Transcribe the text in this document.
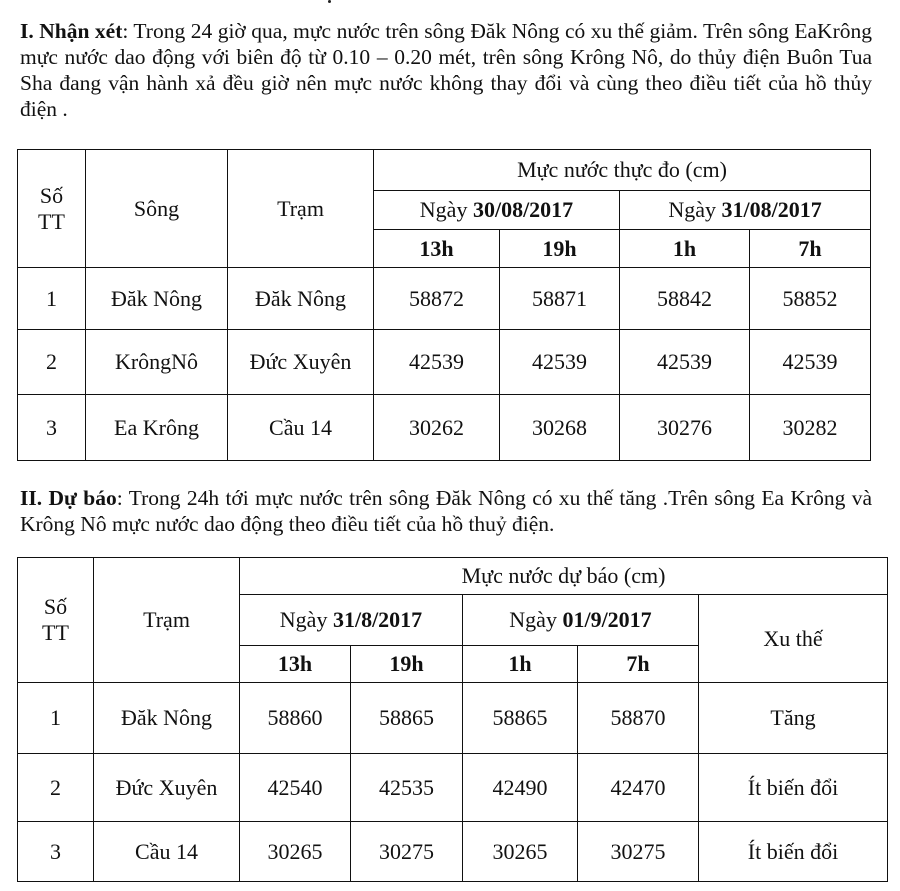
I. Nhận xét: Trong 24 giờ qua, mực nước trên sông Đăk Nông có xu thế giảm. Trên sông EaKrông mực nước dao động với biên độ từ 0.10 – 0.20 mét, trên sông Krông Nô, do thủy điện Buôn Tua Sha đang vận hành xả đều giờ nên mực nước không thay đổi và cùng theo điều tiết của hồ thủy điện .

Số
TT	Sông	Trạm	Mực nước thực đo (cm)			
			Ngày 30/08/2017		Ngày 31/08/2017	
			13h	19h	1h	7h
1	Đăk Nông	Đăk Nông	58872	58871	58842	58852
2	KrôngNô	Đức Xuyên	42539	42539	42539	42539
3	Ea Krông	Cầu 14	30262	30268	30276	30282

II. Dự báo: Trong 24h tới mực nước trên sông Đăk Nông có xu thế tăng .Trên sông Ea Krông và Krông Nô mực nước dao động theo điều tiết của hồ thuỷ điện.

Số
TT	Trạm	Mực nước dự báo (cm)				
		Ngày 31/8/2017		Ngày 01/9/2017		Xu thế
		13h	19h	1h	7h	
1	Đăk Nông	58860	58865	58865	58870	Tăng
2	Đức Xuyên	42540	42535	42490	42470	Ít biến đổi
3	Cầu 14	30265	30275	30265	30275	Ít biến đổi
